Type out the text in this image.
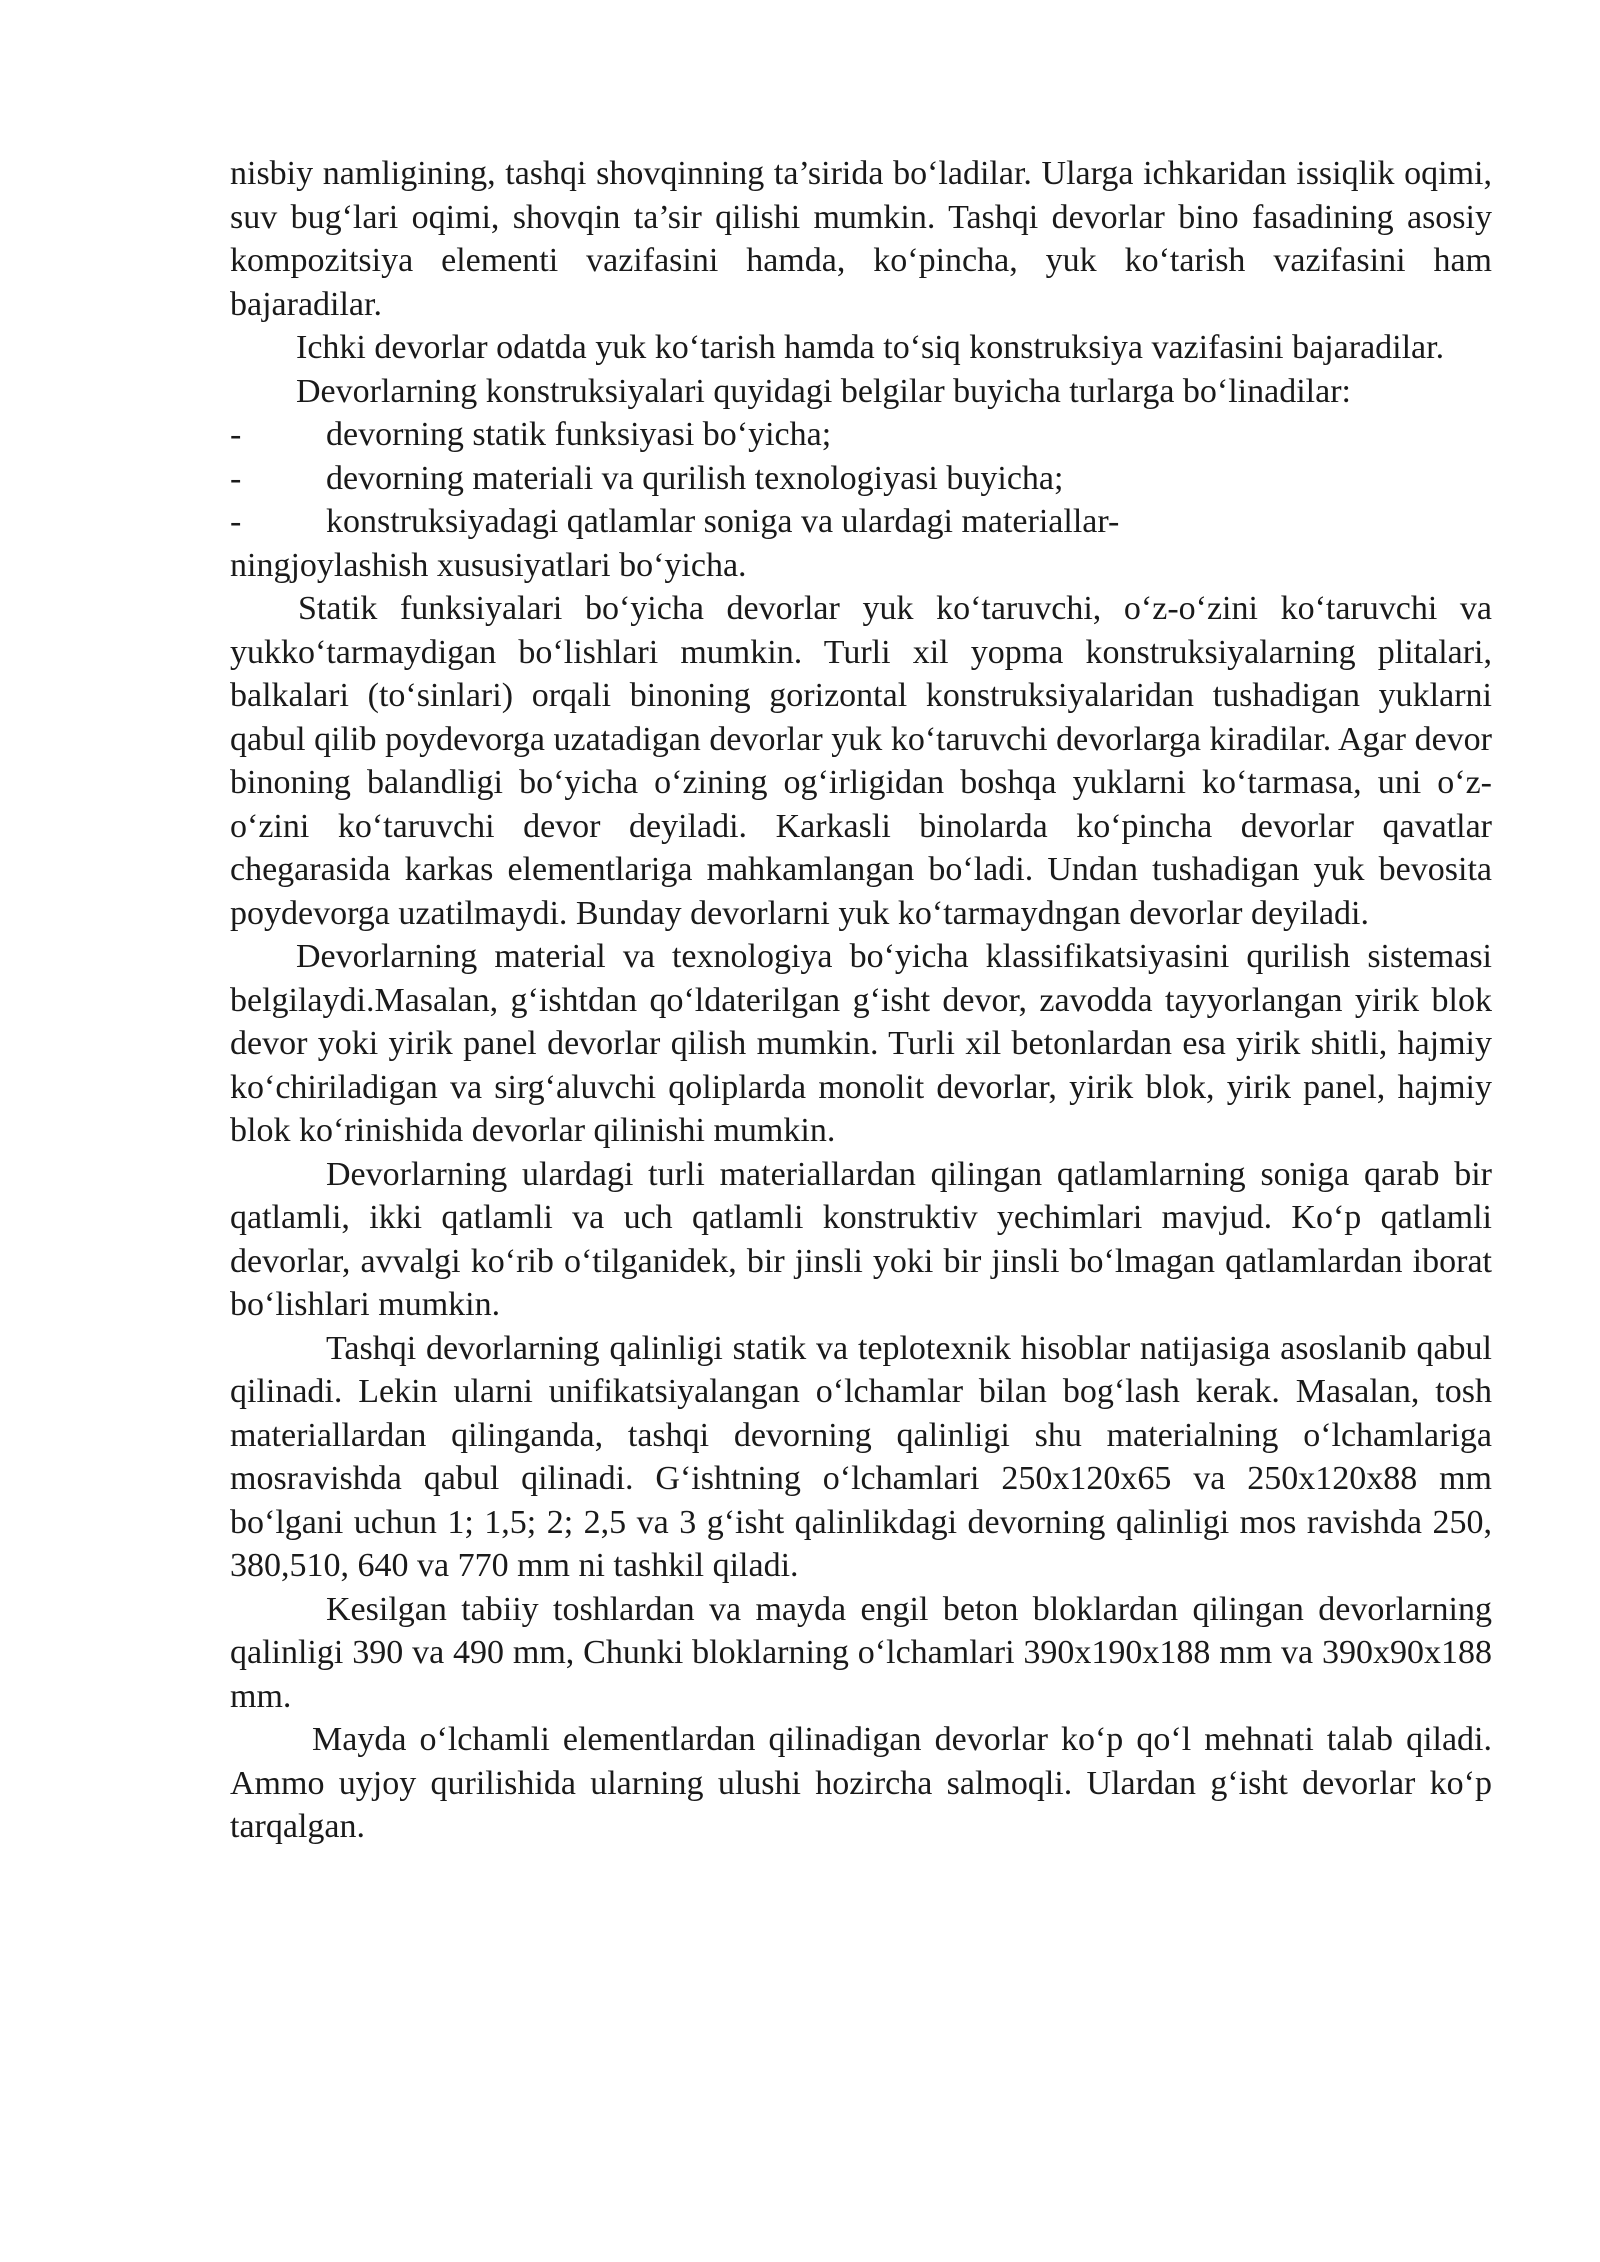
nisbiy namligining, tashqi shovqinning ta’sirida bo‘ladilar. Ularga ichkaridan issiqlik oqimi, suv bug‘lari oqimi, shovqin ta’sir qilishi mumkin. Tashqi devorlar bino fasadining asosiy kompozitsiya elementi vazifasini hamda, ko‘pincha, yuk ko‘tarish vazifasini ham bajaradilar.

Ichki devorlar odatda yuk ko‘tarish hamda to‘siq konstruksiya vazifasini bajaradilar.

Devorlarning konstruksiyalari quyidagi belgilar buyicha turlarga bo‘linadilar:

-	devorning statik funksiyasi bo‘yicha;
-	devorning materiali va qurilish texnologiyasi buyicha;
-	konstruksiyadagi qatlamlar soniga va ulardagi materiallar-

ningjoylashish xususiyatlari bo‘yicha.

Statik funksiyalari bo‘yicha devorlar yuk ko‘taruvchi, o‘z-o‘zini ko‘taruvchi va yukko‘tarmaydigan bo‘lishlari mumkin. Turli xil yopma konstruksiyalarning plitalari, balkalari (to‘sinlari) orqali binoning gorizontal konstruksiyalaridan tushadigan yuklarni qabul qilib poydevorga uzatadigan devorlar yuk ko‘taruvchi devorlarga kiradilar. Agar devor binoning balandligi bo‘yicha o‘zining og‘irligidan boshqa yuklarni ko‘tarmasa, uni o‘z-o‘zini ko‘taruvchi devor deyiladi. Karkasli binolarda ko‘pincha devorlar qavatlar chegarasida karkas elementlariga mahkamlangan bo‘ladi. Undan tushadigan yuk bevosita poydevorga uzatilmaydi. Bunday devorlarni yuk ko‘tarmaydngan devorlar deyiladi.

Devorlarning material va texnologiya bo‘yicha klassifikatsiyasini qurilish sistemasi belgilaydi.Masalan, g‘ishtdan qo‘ldaterilgan g‘isht devor, zavodda tayyorlangan yirik blok devor yoki yirik panel devorlar qilish mumkin. Turli xil betonlardan esa yirik shitli, hajmiy ko‘chiriladigan va sirg‘aluvchi qoliplarda monolit devorlar, yirik blok, yirik panel, hajmiy blok ko‘rinishida devorlar qilinishi mumkin.

Devorlarning ulardagi turli materiallardan qilingan qatlamlarning soniga qarab bir qatlamli, ikki qatlamli va uch qatlamli konstruktiv yechimlari mavjud. Ko‘p qatlamli devorlar, avvalgi ko‘rib o‘tilganidek, bir jinsli yoki bir jinsli bo‘lmagan qatlamlardan iborat bo‘lishlari mumkin.

Tashqi devorlarning qalinligi statik va teplotexnik hisoblar natijasiga asoslanib qabul qilinadi. Lekin ularni unifikatsiyalangan o‘lchamlar bilan bog‘lash kerak. Masalan, tosh materiallardan qilinganda, tashqi devorning qalinligi shu materialning o‘lchamlariga mosravishda qabul qilinadi. G‘ishtning o‘lchamlari 250x120x65 va 250x120x88 mm bo‘lgani uchun 1; 1,5; 2; 2,5 va 3 g‘isht qalinlikdagi devorning qalinligi mos ravishda 250, 380,510, 640 va 770 mm ni tashkil qiladi.

Kesilgan tabiiy toshlardan va mayda engil beton bloklardan qilingan devorlarning qalinligi 390 va 490 mm, Chunki bloklarning o‘lchamlari 390x190x188 mm va 390x90x188 mm.

Mayda o‘lchamli elementlardan qilinadigan devorlar ko‘p qo‘l mehnati talab qiladi. Ammo uyjoy qurilishida ularning ulushi hozircha salmoqli. Ulardan g‘isht devorlar ko‘p tarqalgan.
